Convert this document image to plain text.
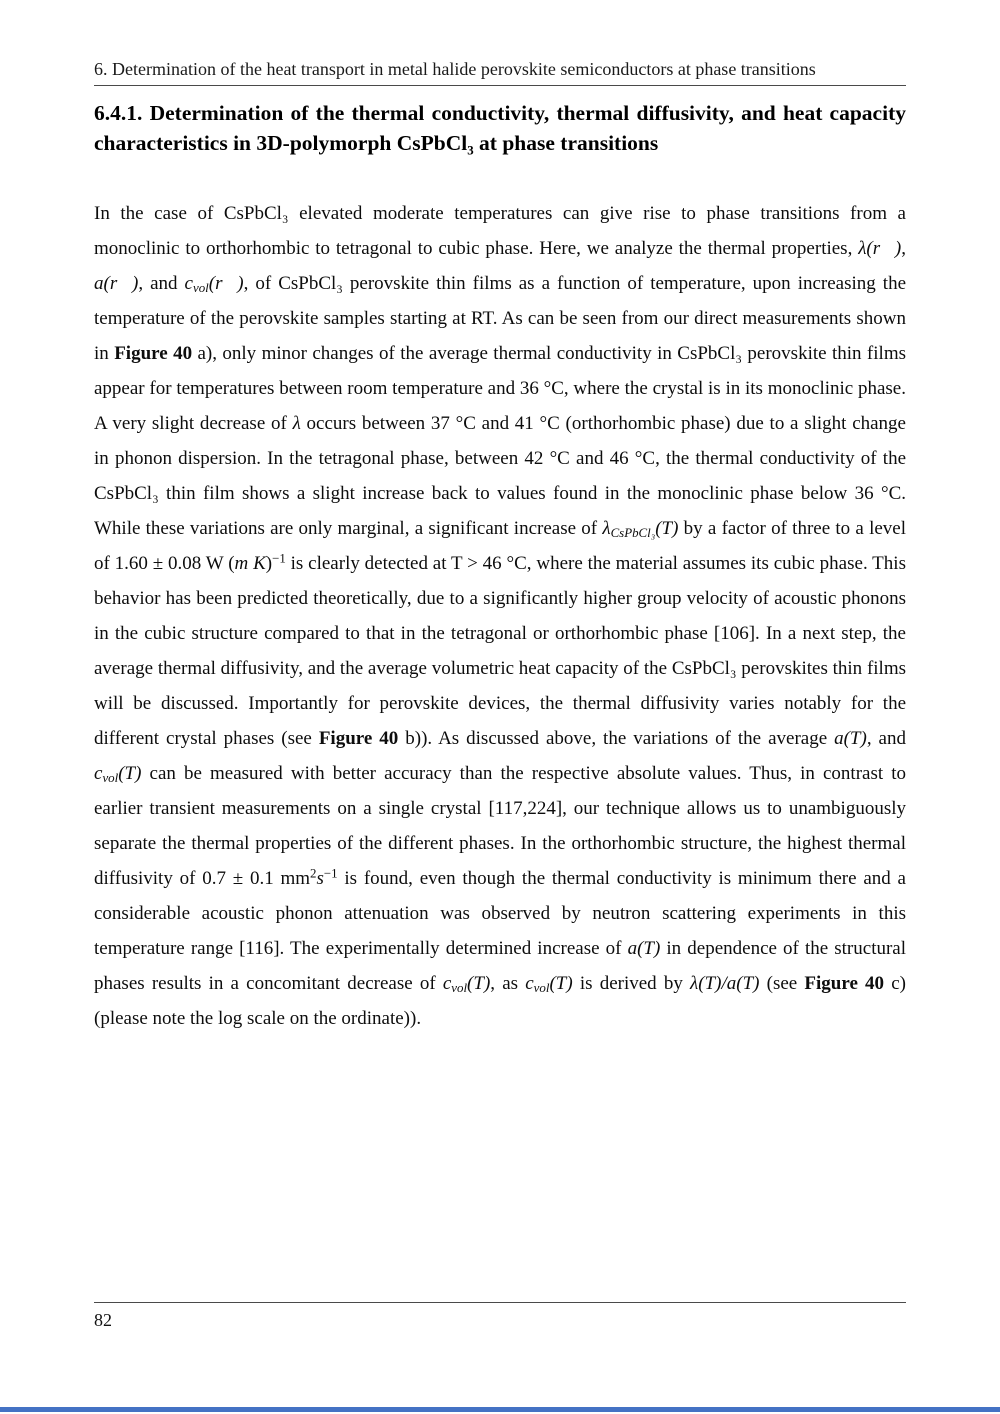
6. Determination of the heat transport in metal halide perovskite semiconductors at phase transitions
6.4.1. Determination of the thermal conductivity, thermal diffusivity, and heat capacity characteristics in 3D-polymorph CsPbCl₃ at phase transitions

In the case of CsPbCl₃ elevated moderate temperatures can give rise to phase transitions from a monoclinic to orthorhombic to tetragonal to cubic phase. Here, we analyze the thermal properties, λ(r⃗), a(r⃗), and $c_{vol}(r⃗)$, of CsPbCl₃ perovskite thin films as a function of temperature, upon increasing the temperature of the perovskite samples starting at RT. As can be seen from our direct measurements shown in Figure 40 a), only minor changes of the average thermal conductivity in CsPbCl₃ perovskite thin films appear for temperatures between room temperature and 36 °C, where the crystal is in its monoclinic phase. A very slight decrease of λ occurs between 37 °C and 41 °C (orthorhombic phase) due to a slight change in phonon dispersion. In the tetragonal phase, between 42 °C and 46 °C, the thermal conductivity of the CsPbCl₃ thin film shows a slight increase back to values found in the monoclinic phase below 36 °C. While these variations are only marginal, a significant increase of $\lambda_{CsPbCl_3}(T)$ by a factor of three to a level of 1.60 ± 0.08 W (m K)$^{-1}$ is clearly detected at T > 46 °C, where the material assumes its cubic phase. This behavior has been predicted theoretically, due to a significantly higher group velocity of acoustic phonons in the cubic structure compared to that in the tetragonal or orthorhombic phase [106]. In a next step, the average thermal diffusivity, and the average volumetric heat capacity of the CsPbCl₃ perovskites thin films will be discussed. Importantly for perovskite devices, the thermal diffusivity varies notably for the different crystal phases (see Figure 40 b)). As discussed above, the variations of the average a(T), and $c_{vol}(T)$ can be measured with better accuracy than the respective absolute values. Thus, in contrast to earlier transient measurements on a single crystal [117,224], our technique allows us to unambiguously separate the thermal properties of the different phases. In the orthorhombic structure, the highest thermal diffusivity of 0.7 ± 0.1 $mm^2s^{-1}$ is found, even though the thermal conductivity is minimum there and a considerable acoustic phonon attenuation was observed by neutron scattering experiments in this temperature range [116]. The experimentally determined increase of a(T) in dependence of the structural phases results in a concomitant decrease of $c_{vol}(T)$, as $c_{vol}(T)$ is derived by λ(T)/a(T) (see Figure 40 c) (please note the log scale on the ordinate)).

82
